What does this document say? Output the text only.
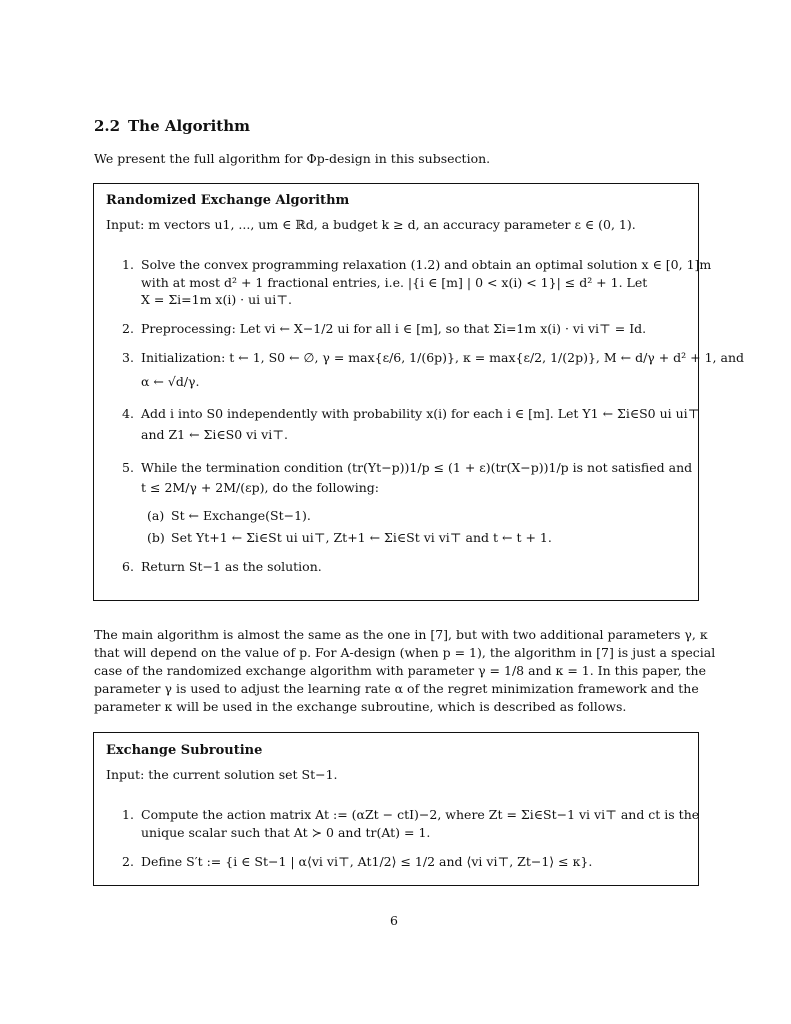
2.2 The Algorithm
We present the full algorithm for Φp-design in this subsection.
Randomized Exchange Algorithm
Input: m vectors u1, ..., um ∈ ℝd, a budget k ≥ d, an accuracy parameter ε ∈ (0, 1).
1. Solve the convex programming relaxation (1.2) and obtain an optimal solution x ∈ [0, 1]m
with at most d² + 1 fractional entries, i.e. |{i ∈ [m] | 0 < x(i) < 1}| ≤ d² + 1. Let
X = Σi=1m x(i) · ui ui⊤.
2. Preprocessing: Let vi ← X−1/2 ui for all i ∈ [m], so that Σi=1m x(i) · vi vi⊤ = Id.
3. Initialization: t ← 1, S0 ← ∅, γ = max{ε/6, 1/(6p)}, κ = max{ε/2, 1/(2p)}, M ← d/γ + d² + 1, and
α ← √d/γ.
4. Add i into S0 independently with probability x(i) for each i ∈ [m]. Let Y1 ← Σi∈S0 ui ui⊤
and Z1 ← Σi∈S0 vi vi⊤.
5. While the termination condition (tr(Yt−p))1/p ≤ (1 + ε)(tr(X−p))1/p is not satisfied and
t ≤ 2M/γ + 2M/(εp), do the following:
(a) St ← Exchange(St−1).
(b) Set Yt+1 ← Σi∈St ui ui⊤, Zt+1 ← Σi∈St vi vi⊤ and t ← t + 1.
6. Return St−1 as the solution.
The main algorithm is almost the same as the one in [7], but with two additional parameters γ, κ
that will depend on the value of p. For A-design (when p = 1), the algorithm in [7] is just a special
case of the randomized exchange algorithm with parameter γ = 1/8 and κ = 1. In this paper, the
parameter γ is used to adjust the learning rate α of the regret minimization framework and the
parameter κ will be used in the exchange subroutine, which is described as follows.
Exchange Subroutine
Input: the current solution set St−1.
1. Compute the action matrix At := (αZt − ctI)−2, where Zt = Σi∈St−1 vi vi⊤ and ct is the
unique scalar such that At ≻ 0 and tr(At) = 1.
2. Define S′t := {i ∈ St−1 | α⟨vi vi⊤, At1/2⟩ ≤ 1/2 and ⟨vi vi⊤, Zt−1⟩ ≤ κ}.
6
